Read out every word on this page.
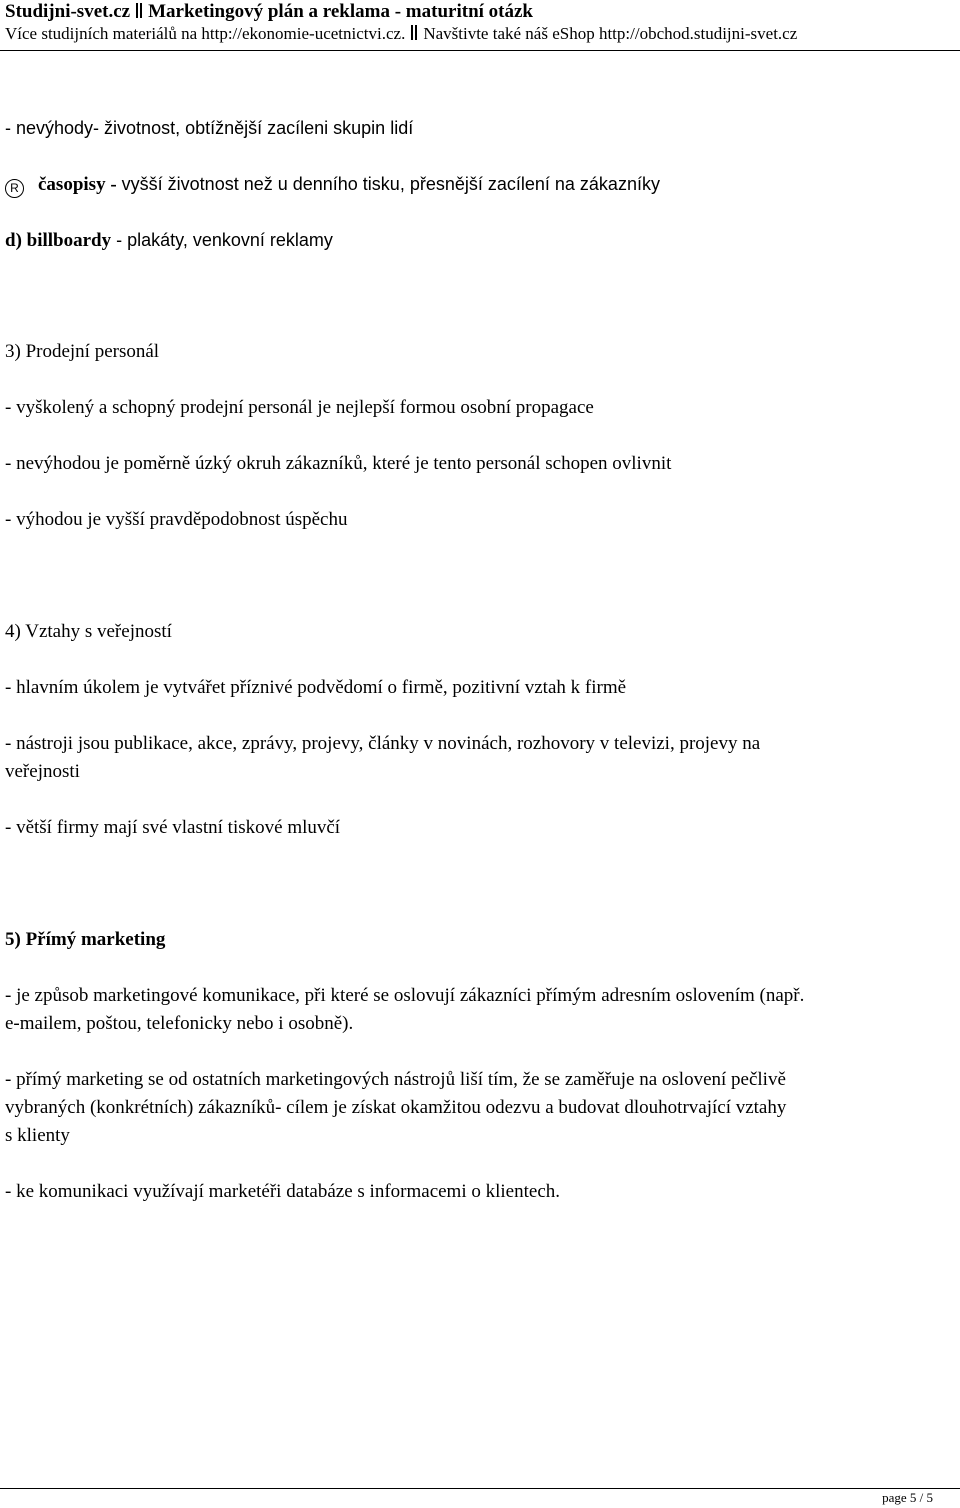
Studijni-svet.cz Marketingový plán a reklama - maturitní otázk
Více studijních materiálů na http://ekonomie-ucetnictvi.cz. Navštivte také náš eShop http://obchod.studijni-svet.cz
- nevýhody- životnost, obtížnější zacíleni skupin lidí
R časopisy - vyšší životnost než u denního tisku, přesnější zacílení na zákazníky
d) billboardy - plakáty, venkovní reklamy
3) Prodejní personál
- vyškolený a schopný prodejní personál je nejlepší formou osobní propagace
- nevýhodou je poměrně úzký okruh zákazníků, které je tento personál schopen ovlivnit
- výhodou je vyšší pravděpodobnost úspěchu
4) Vztahy s veřejností
- hlavním úkolem je vytvářet příznivé podvědomí o firmě, pozitivní vztah k firmě
- nástroji jsou publikace, akce, zprávy, projevy, články v novinách, rozhovory v televizi, projevy na
veřejnosti
- větší firmy mají své vlastní tiskové mluvčí
5) Přímý marketing
- je způsob marketingové komunikace, při které se oslovují zákazníci přímým adresním oslovením (např.
e-mailem, poštou, telefonicky nebo i osobně).
- přímý marketing se od ostatních marketingových nástrojů liší tím, že se zaměřuje na oslovení pečlivě
vybraných (konkrétních) zákazníků- cílem je získat okamžitou odezvu a budovat dlouhotrvající vztahy
s klienty
- ke komunikaci využívají marketéři databáze s informacemi o klientech.
page 5 / 5
